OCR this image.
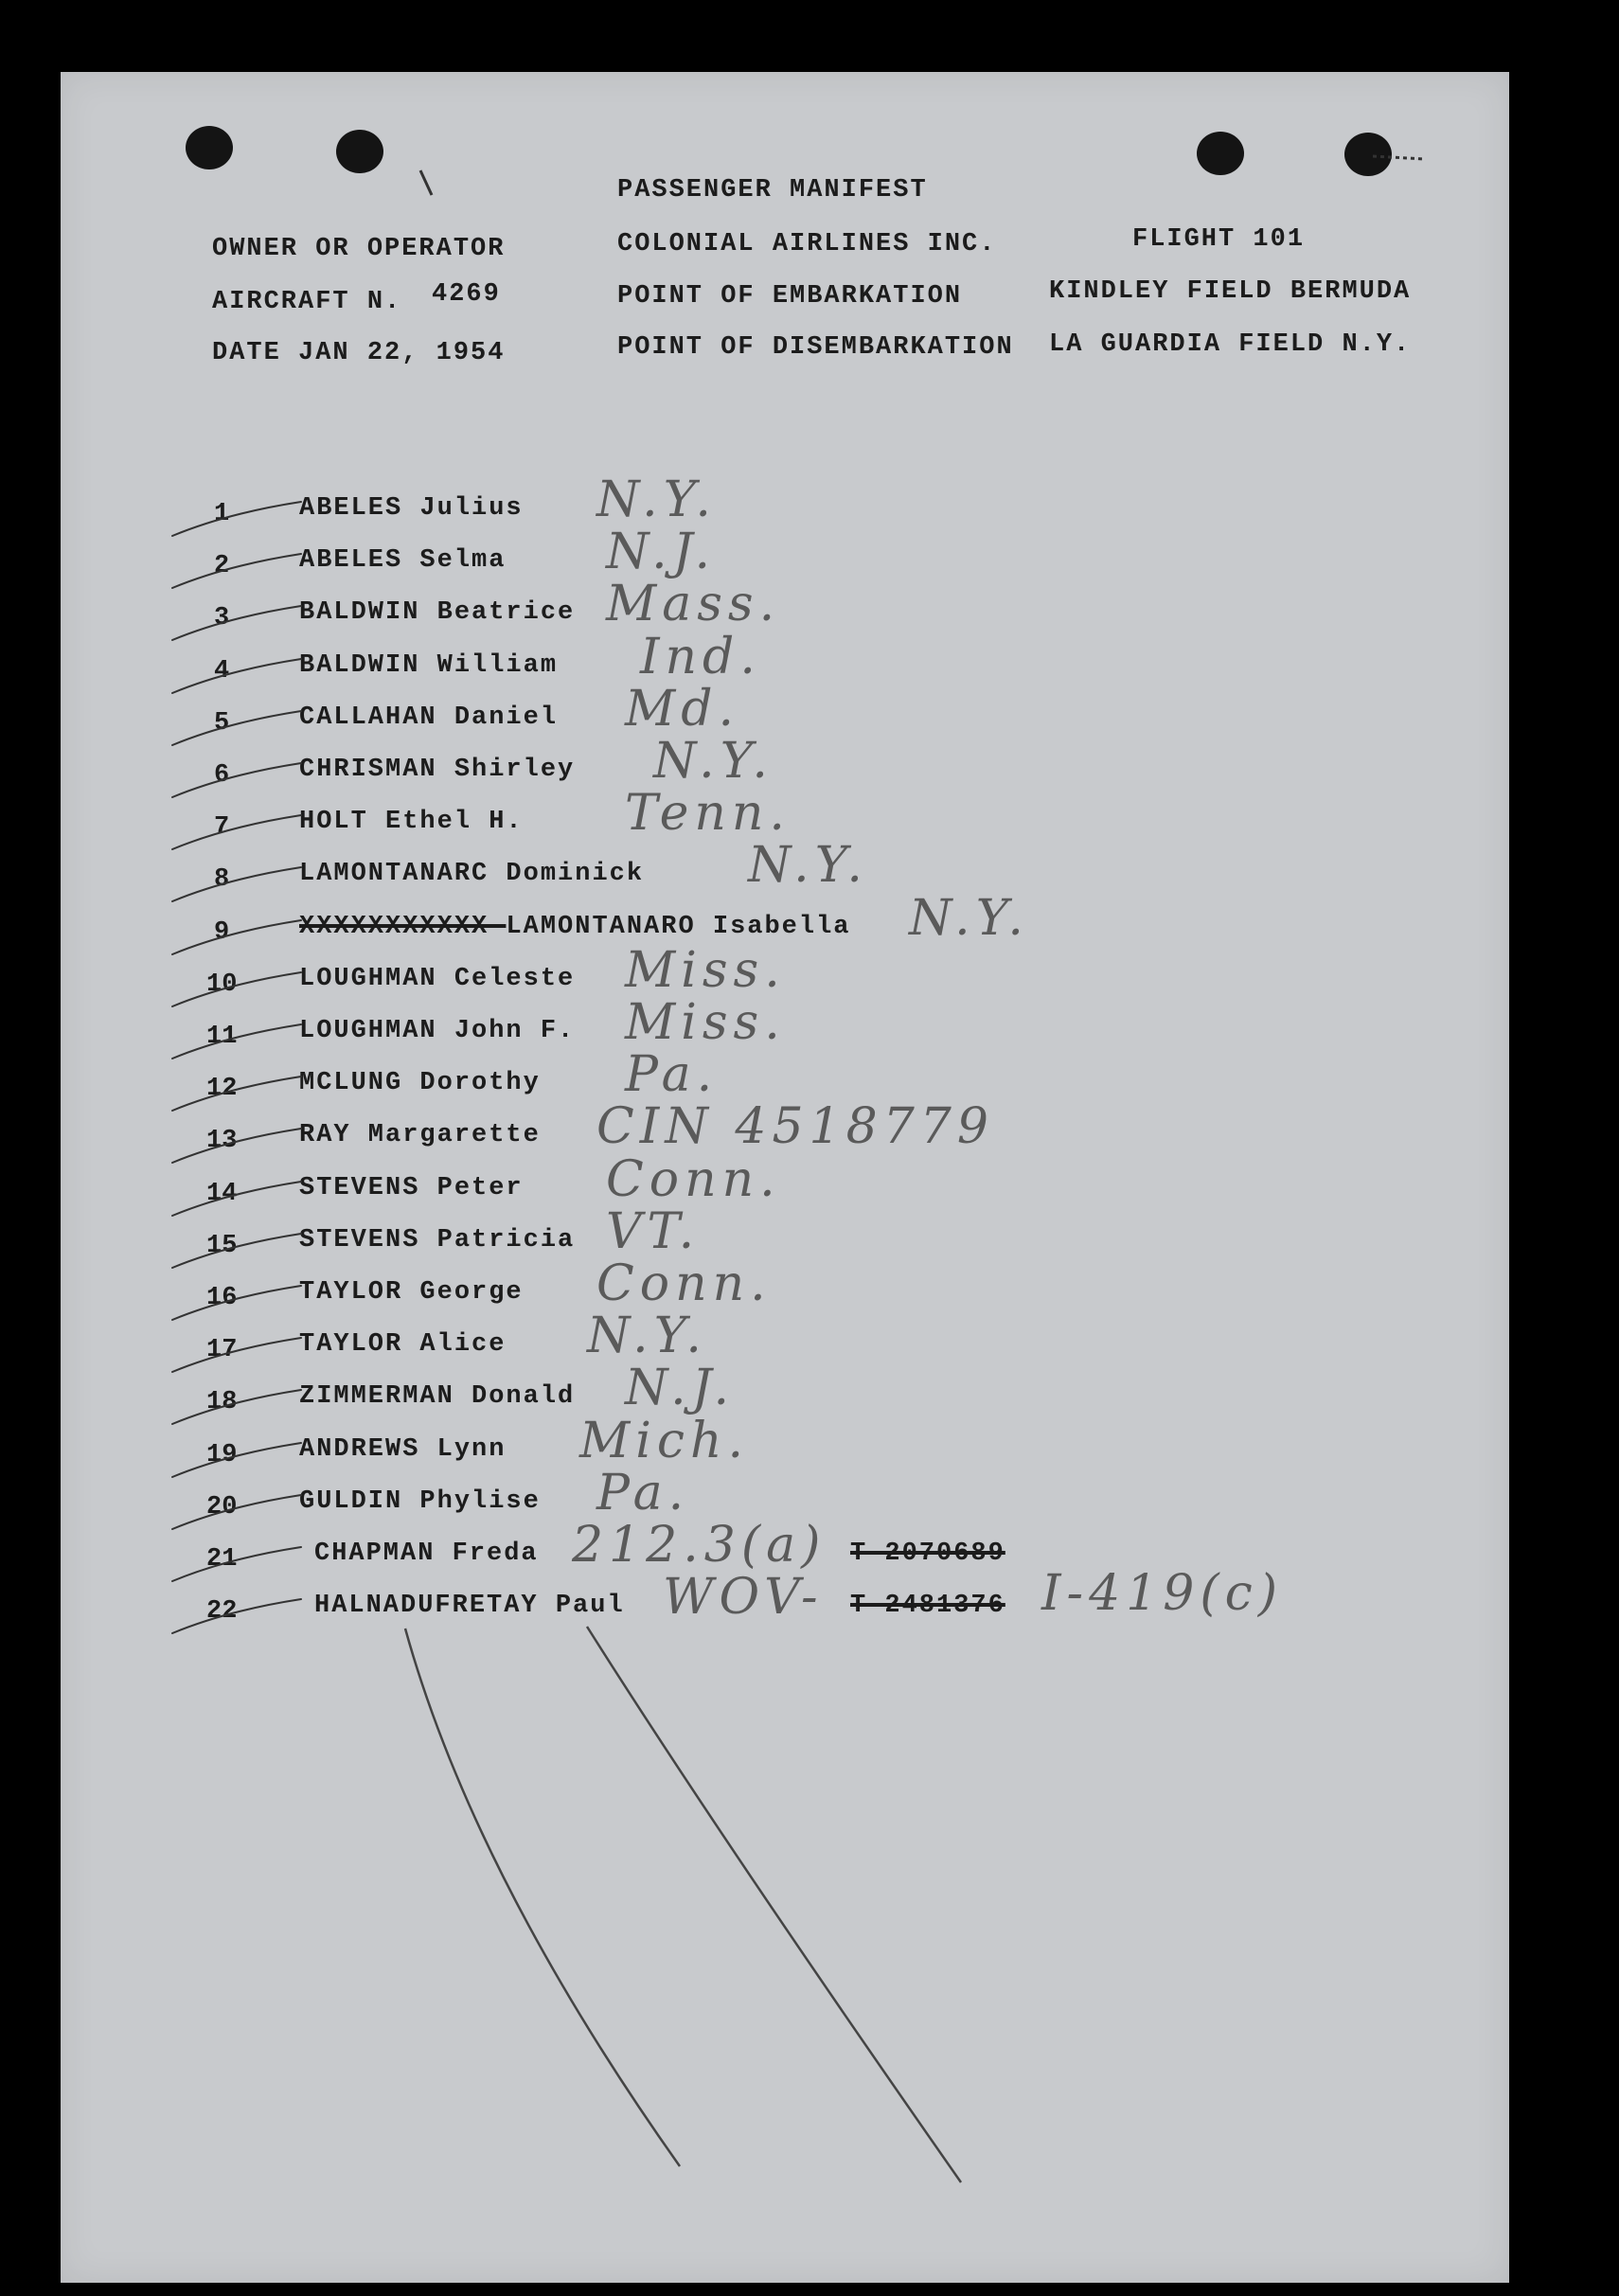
PASSENGER MANIFEST
OWNER OR OPERATOR	COLONIAL AIRLINES INC.	FLIGHT 101
AIRCRAFT N. 4269	POINT OF EMBARKATION	KINDLEY FIELD BERMUDA
DATE JAN 22, 1954	POINT OF DISEMBARKATION LA GUARDIA FIELD N.Y.
1	ABELES Julius N.Y.
2	ABELES Selma N.J.
3	BALDWIN Beatrice Mass.
4	BALDWIN William Ind.
5	CALLAHAN Daniel Md.
6	CHRISMAN Shirley N.Y.
7	HOLT Ethel H. Tenn.
8	LAMONTANARC Dominick N.Y.
9	XXXXXXXXXXX LAMONTANARO Isabella N.Y.
10 LOUGHMAN Celeste Miss.
11 LOUGHMAN John F. Miss.
12 MCLUNG Dorothy Pa.
13 RAY Margarette CIN 4518779
14 STEVENS Peter Conn.
15 STEVENS Patricia VT.
16 TAYLOR George Conn.
17 TAYLOR Alice N.Y.
18 ZIMMERMAN Donald N.J.
19 ANDREWS Lynn Mich.
20 GULDIN Phylise Pa.
21	CHAPMAN Freda 212.3(a) T-2070689
22	HALNADUFRETAY Paul WOV- T-2481376 I-419(c)
